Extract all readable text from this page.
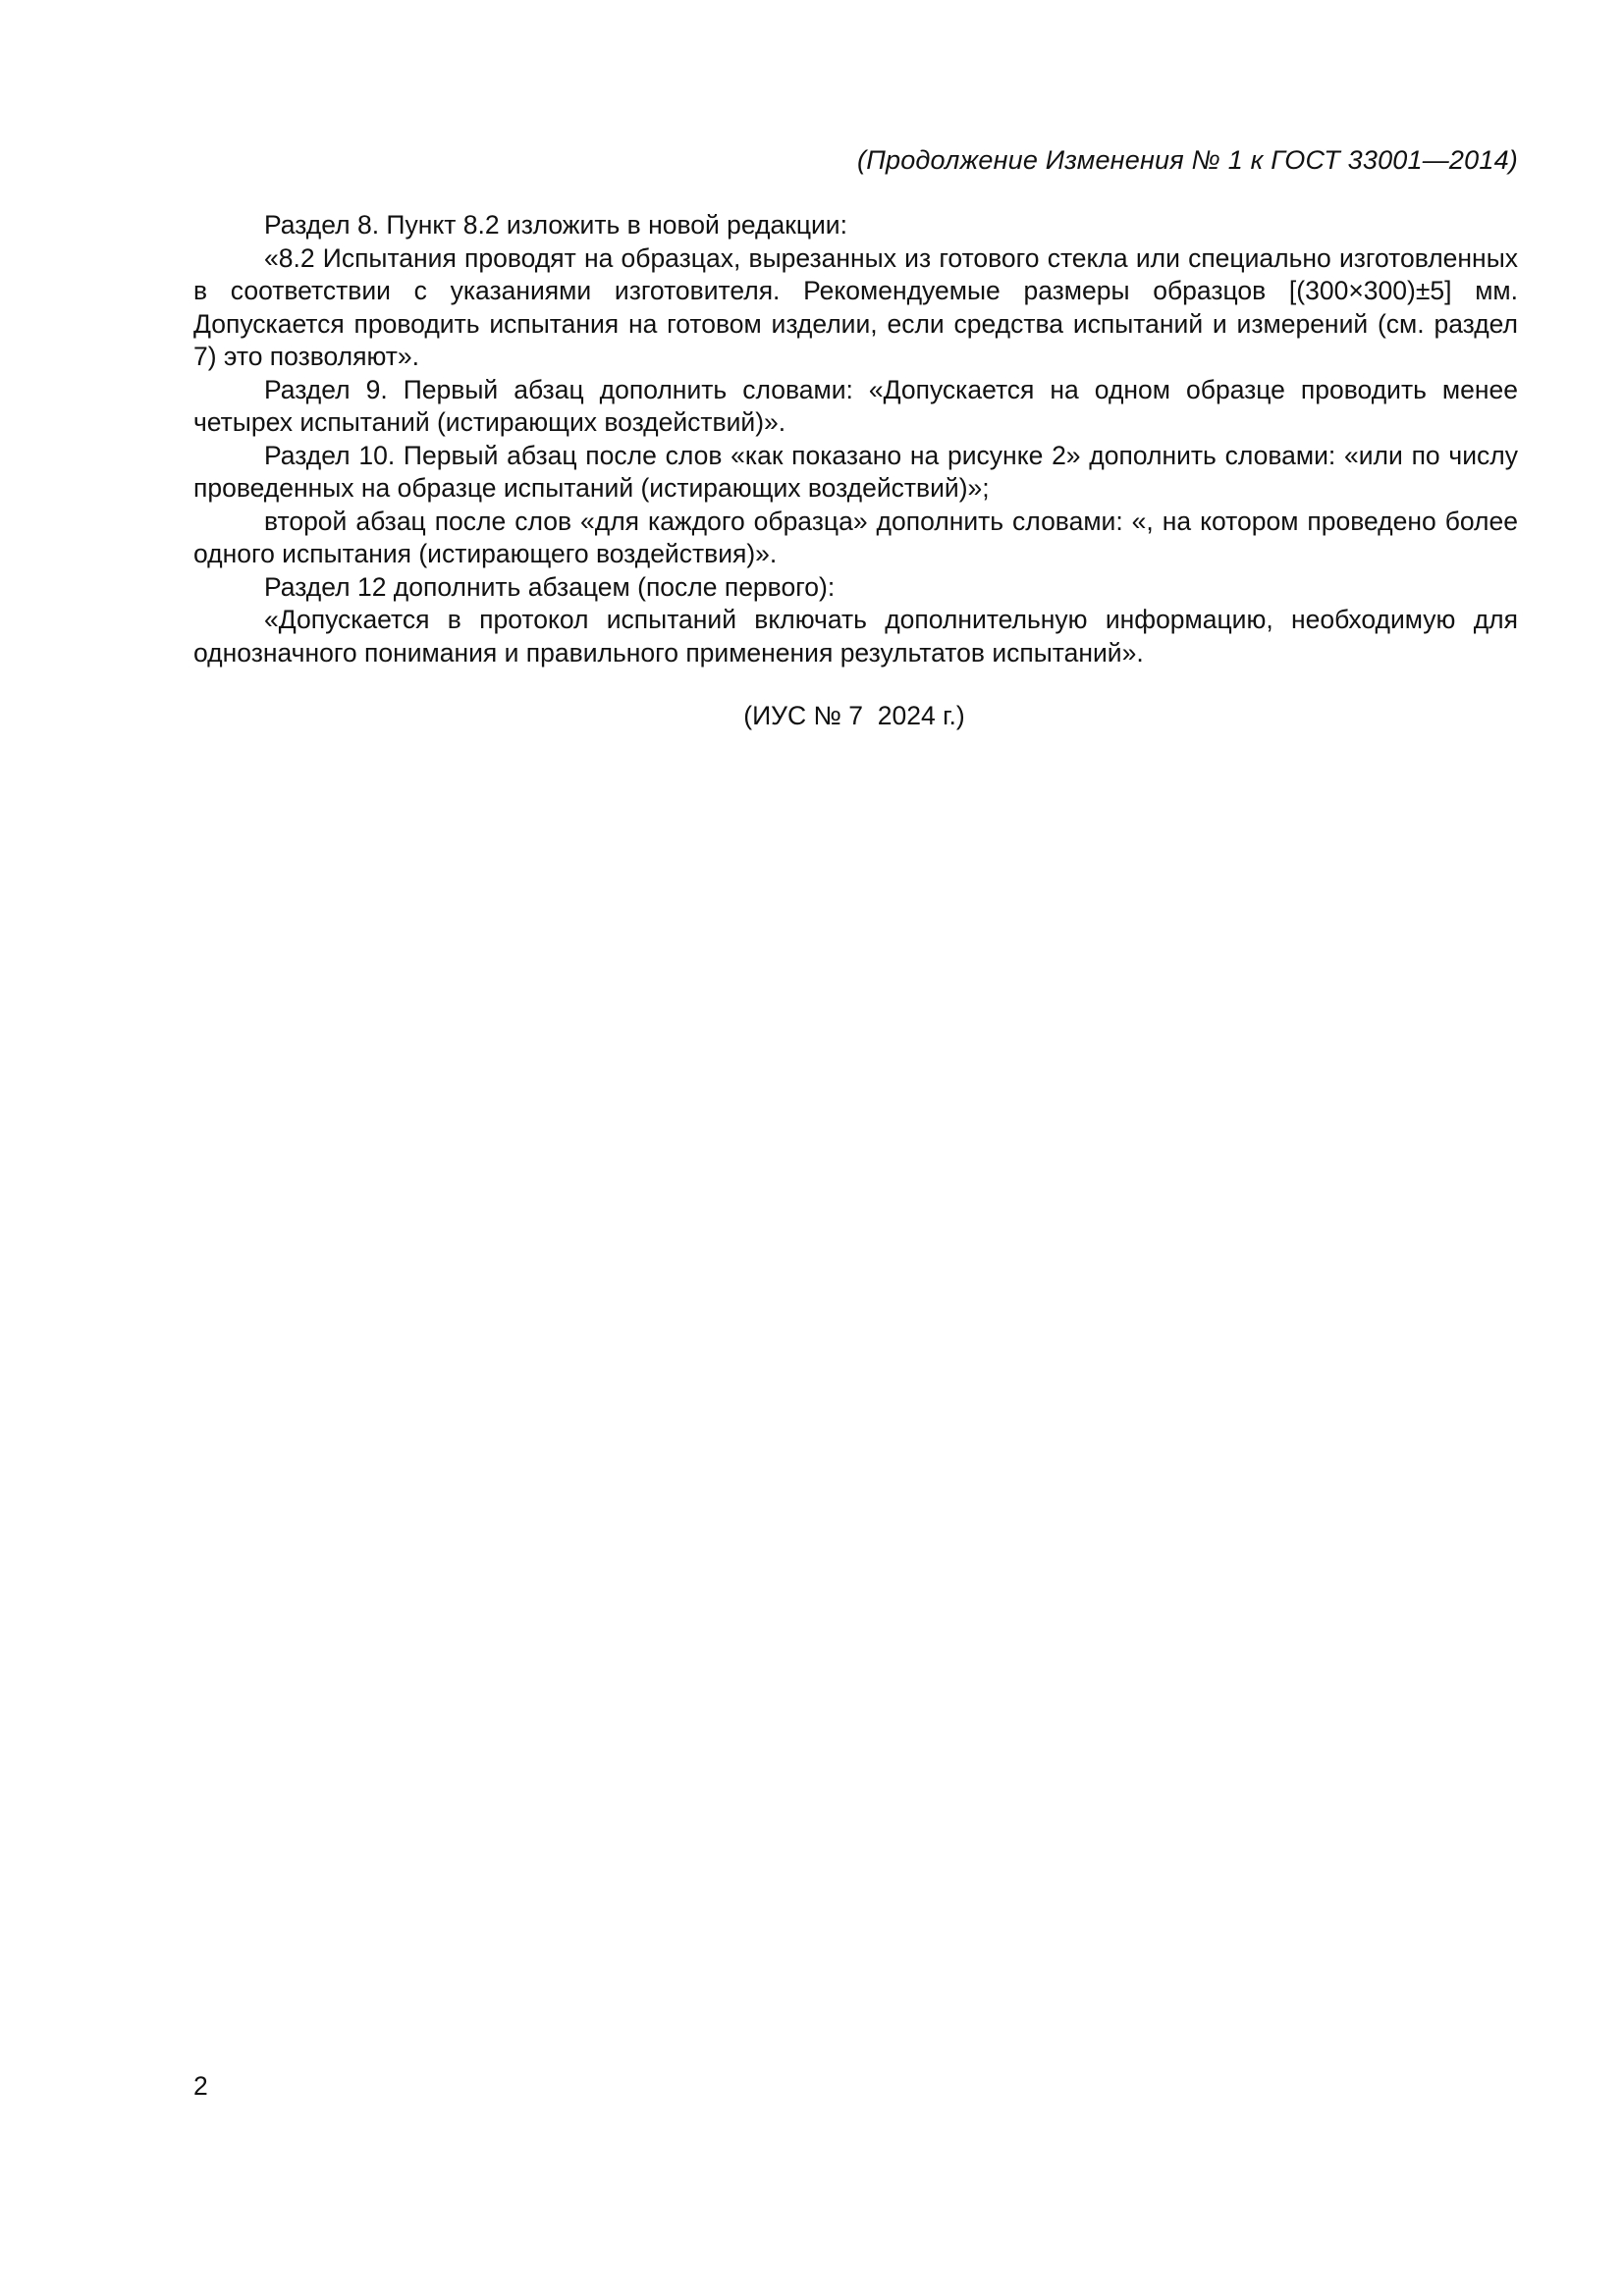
(Продолжение Изменения № 1 к ГОСТ 33001—2014)

Раздел 8. Пункт 8.2 изложить в новой редакции:

«8.2 Испытания проводят на образцах, вырезанных из готового стекла или специально изготовленных в соответствии с указаниями изготовителя. Рекомендуемые размеры образцов [(300×300)±5] мм. Допускается проводить испытания на готовом изделии, если средства испытаний и измерений (см. раздел 7) это позволяют».

Раздел 9. Первый абзац дополнить словами: «Допускается на одном образце проводить менее четырех испытаний (истирающих воздействий)».

Раздел 10. Первый абзац после слов «как показано на рисунке 2» дополнить словами: «или по числу проведенных на образце испытаний (истирающих воздействий)»;

второй абзац после слов «для каждого образца» дополнить словами: «, на котором проведено более одного испытания (истирающего воздействия)».

Раздел 12 дополнить абзацем (после первого):

«Допускается в протокол испытаний включать дополнительную информацию, необходимую для однозначного понимания и правильного применения результатов испытаний».

(ИУС № 7  2024 г.)
2
